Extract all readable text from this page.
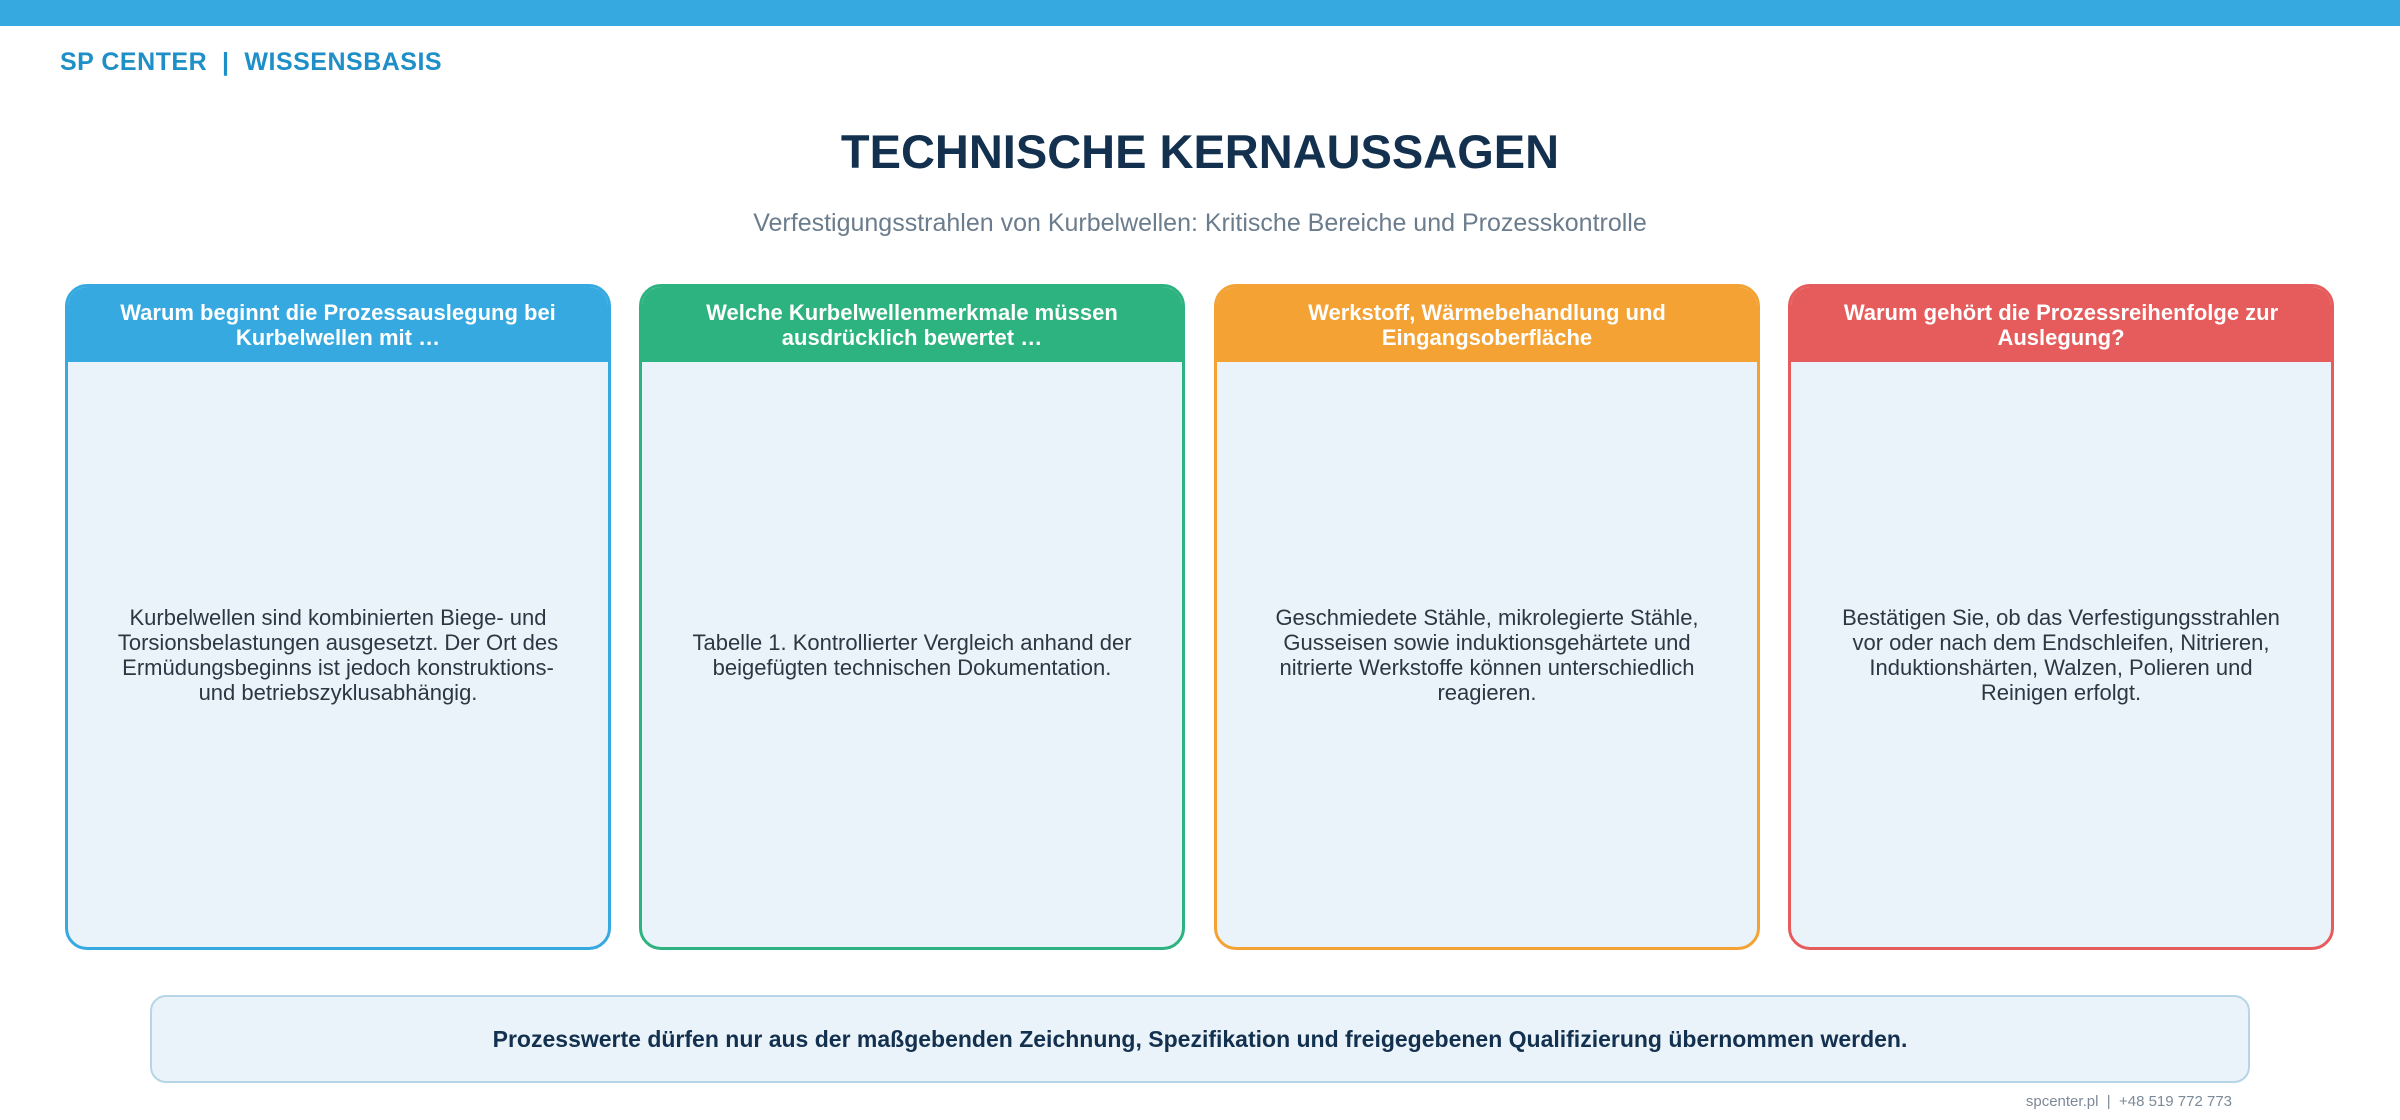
SP CENTER  |  WISSENSBASIS
TECHNISCHE KERNAUSSAGEN
Verfestigungsstrahlen von Kurbelwellen: Kritische Bereiche und Prozesskontrolle
Warum beginnt die Prozessauslegung bei Kurbelwellen mit …
Kurbelwellen sind kombinierten Biege- und Torsionsbelastungen ausgesetzt. Der Ort des Ermüdungsbeginns ist jedoch konstruktions- und betriebszyklusabhängig.
Welche Kurbelwellenmerkmale müssen ausdrücklich bewertet …
Tabelle 1. Kontrollierter Vergleich anhand der beigefügten technischen Dokumentation.
Werkstoff, Wärmebehandlung und Eingangsoberfläche
Geschmiedete Stähle, mikrolegierte Stähle, Gusseisen sowie induktionsgehärtete und nitrierte Werkstoffe können unterschiedlich reagieren.
Warum gehört die Prozessreihenfolge zur Auslegung?
Bestätigen Sie, ob das Verfestigungsstrahlen vor oder nach dem Endschleifen, Nitrieren, Induktionshärten, Walzen, Polieren und Reinigen erfolgt.
Prozesswerte dürfen nur aus der maßgebenden Zeichnung, Spezifikation und freigegebenen Qualifizierung übernommen werden.
spcenter.pl  |  +48 519 772 773
